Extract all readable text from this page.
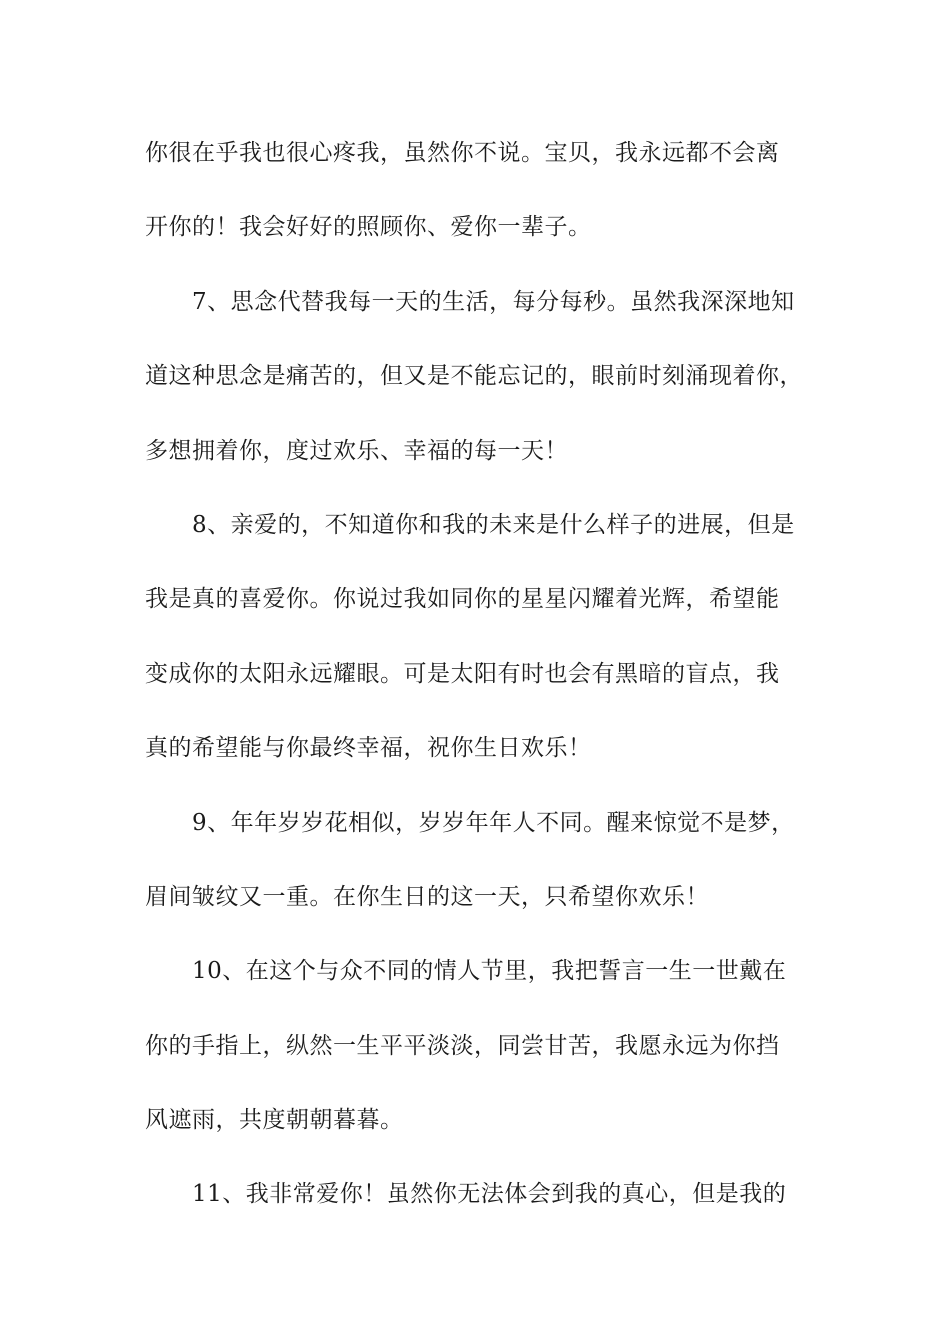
你很在乎我也很心疼我，虽然你不说。宝贝，我永远都不会离
开你的！我会好好的照顾你、爱你一辈子。
7、思念代替我每一天的生活，每分每秒。虽然我深深地知
道这种思念是痛苦的，但又是不能忘记的，眼前时刻涌现着你，
多想拥着你，度过欢乐、幸福的每一天！
8、亲爱的，不知道你和我的未来是什么样子的进展，但是
我是真的喜爱你。你说过我如同你的星星闪耀着光辉，希望能
变成你的太阳永远耀眼。可是太阳有时也会有黑暗的盲点，我
真的希望能与你最终幸福，祝你生日欢乐！
9、年年岁岁花相似，岁岁年年人不同。醒来惊觉不是梦，
眉间皱纹又一重。在你生日的这一天，只希望你欢乐！
10、在这个与众不同的情人节里，我把誓言一生一世戴在
你的手指上，纵然一生平平淡淡，同尝甘苦，我愿永远为你挡
风遮雨，共度朝朝暮暮。
11、我非常爱你！虽然你无法体会到我的真心，但是我的
